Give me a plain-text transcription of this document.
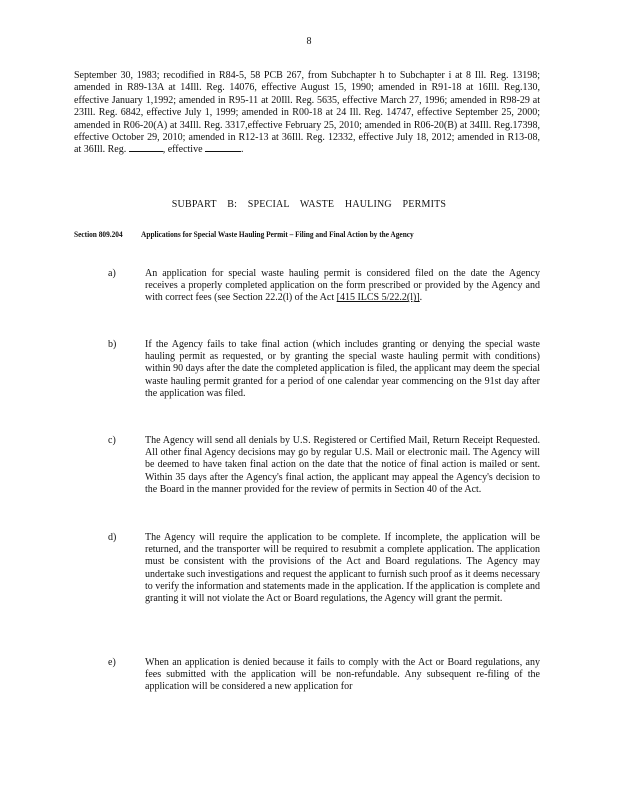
8
September 30, 1983; recodified in R84-5, 58 PCB 267, from Subchapter h to Subchapter i at 8 Ill. Reg. 13198; amended in R89-13A at 14Ill. Reg. 14076, effective August 15, 1990; amended in R91-18 at 16Ill. Reg.130, effective January 1,1992; amended in R95-11 at 20Ill. Reg. 5635, effective March 27, 1996; amended in R98-29 at 23Ill. Reg. 6842, effective July 1, 1999; amended in R00-18 at 24 Ill. Reg. 14747, effective September 25, 2000; amended in R06-20(A) at 34Ill. Reg. 3317,effective February 25, 2010; amended in R06-20(B) at 34Ill. Reg.17398, effective October 29, 2010; amended in R12-13 at 36Ill. Reg. 12332, effective July 18, 2012; amended in R13-08, at 36Ill. Reg.	, effective	.
SUBPART B: SPECIAL WASTE HAULING PERMITS
Section 809.204 Applications for Special Waste Hauling Permit – Filing and Final Action by the Agency
a)	An application for special waste hauling permit is considered filed on the date the Agency receives a properly completed application on the form prescribed or provided by the Agency and with correct fees (see Section 22.2(l) of the Act [415 ILCS 5/22.2(l)].
b)	If the Agency fails to take final action (which includes granting or denying the special waste hauling permit as requested, or by granting the special waste hauling permit with conditions) within 90 days after the date the completed application is filed, the applicant may deem the special waste hauling permit granted for a period of one calendar year commencing on the 91st day after the application was filed.
c)	The Agency will send all denials by U.S. Registered or Certified Mail, Return Receipt Requested. All other final Agency decisions may go by regular U.S. Mail or electronic mail. The Agency will be deemed to have taken final action on the date that the notice of final action is mailed or sent. Within 35 days after the Agency's final action, the applicant may appeal the Agency's decision to the Board in the manner provided for the review of permits in Section 40 of the Act.
d)	The Agency will require the application to be complete. If incomplete, the application will be returned, and the transporter will be required to resubmit a complete application. The application must be consistent with the provisions of the Act and Board regulations. The Agency may undertake such investigations and request the applicant to furnish such proof as it deems necessary to verify the information and statements made in the application. If the application is complete and granting it will not violate the Act or Board regulations, the Agency will grant the permit.
e)	When an application is denied because it fails to comply with the Act or Board regulations, any fees submitted with the application will be non-refundable. Any subsequent re-filing of the application will be considered a new application for
